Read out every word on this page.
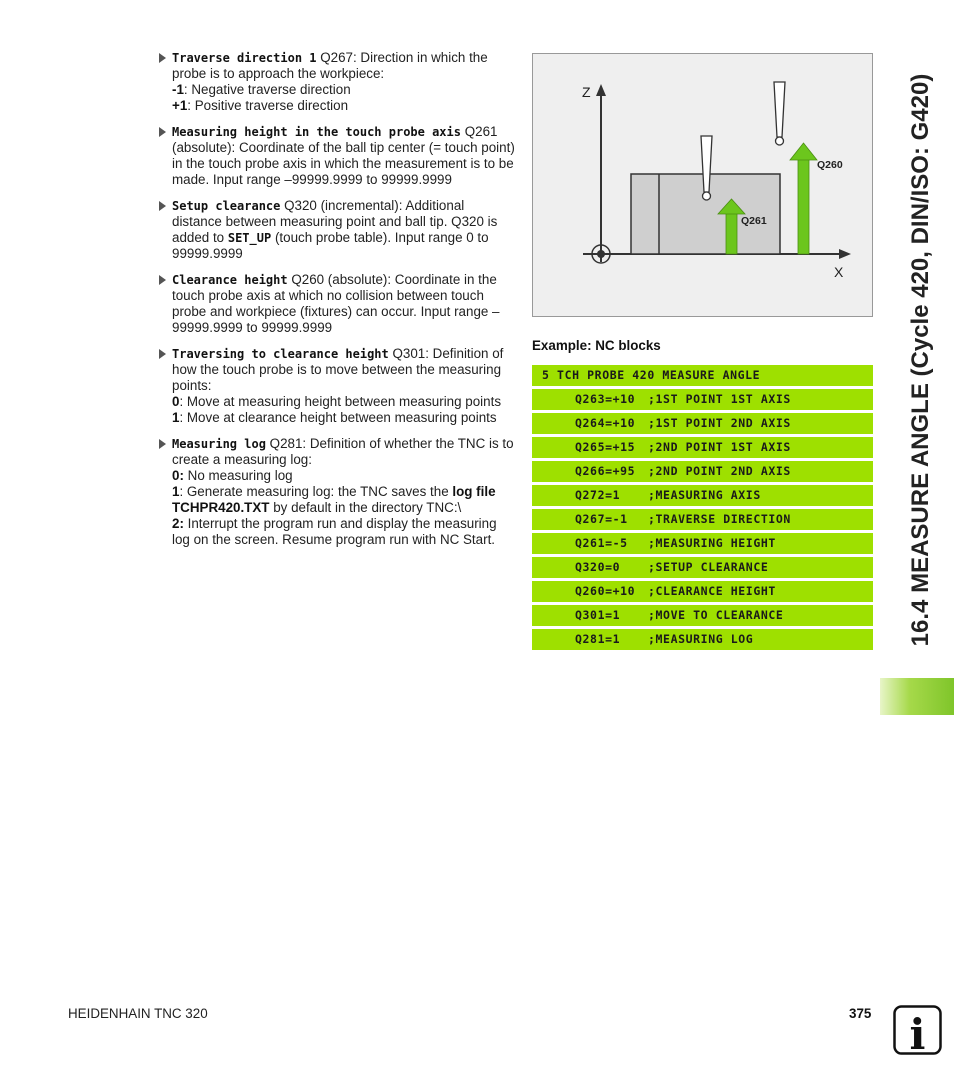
Traverse direction 1 Q267: Direction in which the probe is to approach the workpiece:
-1: Negative traverse direction
+1: Positive traverse direction
Measuring height in the touch probe axis Q261 (absolute): Coordinate of the ball tip center (= touch point) in the touch probe axis in which the measurement is to be made. Input range –99999.9999 to 99999.9999
Setup clearance Q320 (incremental): Additional distance between measuring point and ball tip. Q320 is added to SET_UP (touch probe table). Input range 0 to 99999.9999
Clearance height Q260 (absolute): Coordinate in the touch probe axis at which no collision between touch probe and workpiece (fixtures) can occur. Input range –99999.9999 to 99999.9999
Traversing to clearance height Q301: Definition of how the touch probe is to move between the measuring points:
0: Move at measuring height between measuring points
1: Move at clearance height between measuring points
Measuring log Q281: Definition of whether the TNC is to create a measuring log:
0: No measuring log
1: Generate measuring log: the TNC saves the log file TCHPR420.TXT by default in the directory TNC:\
2: Interrupt the program run and display the measuring log on the screen. Resume program run with NC Start.
Z
X
Q261
Q260
Example: NC blocks
5 TCH PROBE 420 MEASURE ANGLE
Q263=+10 ;1ST POINT 1ST AXIS
Q264=+10 ;1ST POINT 2ND AXIS
Q265=+15 ;2ND POINT 1ST AXIS
Q266=+95 ;2ND POINT 2ND AXIS
Q272=1 ;MEASURING AXIS
Q267=-1 ;TRAVERSE DIRECTION
Q261=-5 ;MEASURING HEIGHT
Q320=0 ;SETUP CLEARANCE
Q260=+10 ;CLEARANCE HEIGHT
Q301=1 ;MOVE TO CLEARANCE
Q281=1 ;MEASURING LOG	16.4 MEASURE ANGLE (Cycle 420, DIN/ISO: G420)
HEIDENHAIN TNC 320	375 i
